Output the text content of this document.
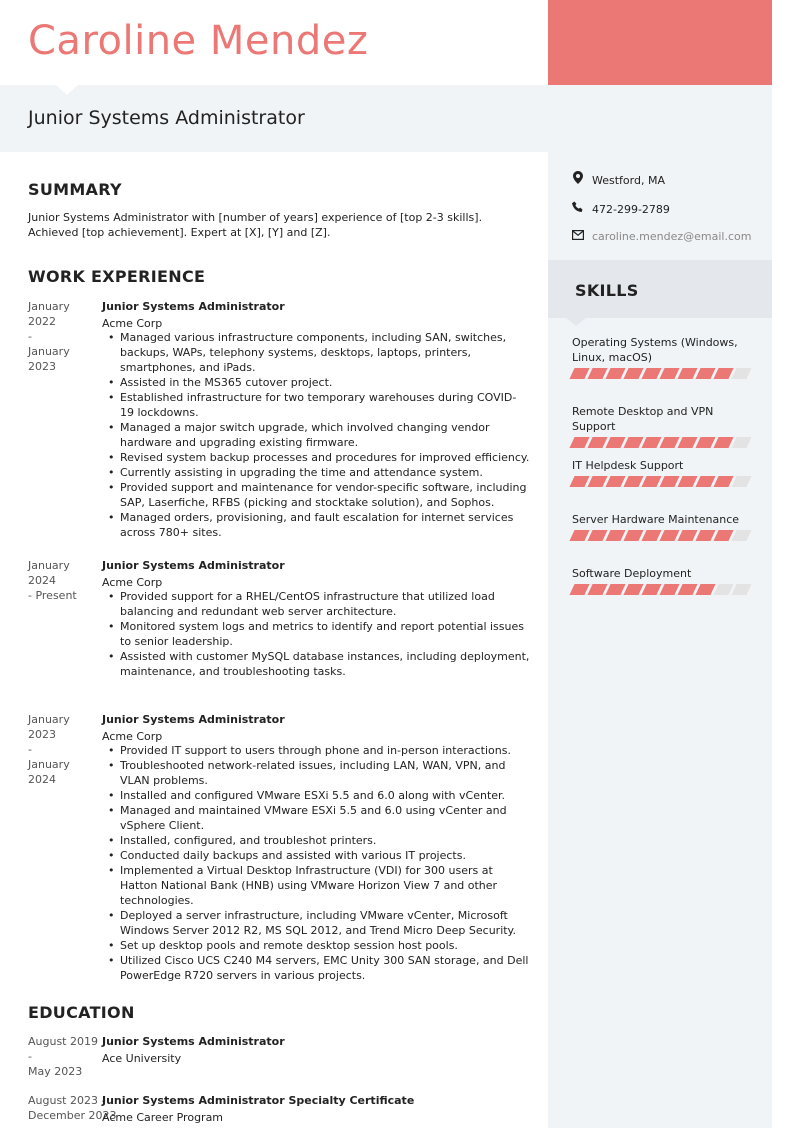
Caroline Mendez
Junior Systems Administrator
SUMMARY
Junior Systems Administrator with [number of years] experience of [top 2-3 skills]. Achieved [top achievement]. Expert at [X], [Y] and [Z].
WORK EXPERIENCE
January 2022
-
January 2023
Junior Systems Administrator
Acme Corp
• Managed various infrastructure components, including SAN, switches, backups, WAPs, telephony systems, desktops, laptops, printers, smartphones, and iPads.
• Assisted in the MS365 cutover project.
• Established infrastructure for two temporary warehouses during COVID-19 lockdowns.
• Managed a major switch upgrade, which involved changing vendor hardware and upgrading existing firmware.
• Revised system backup processes and procedures for improved efficiency.
• Currently assisting in upgrading the time and attendance system.
• Provided support and maintenance for vendor-specific software, including SAP, Laserfiche, RFBS (picking and stocktake solution), and Sophos.
• Managed orders, provisioning, and fault escalation for internet services across 780+ sites.
January 2024
- Present
Junior Systems Administrator
Acme Corp
• Provided support for a RHEL/CentOS infrastructure that utilized load balancing and redundant web server architecture.
• Monitored system logs and metrics to identify and report potential issues to senior leadership.
• Assisted with customer MySQL database instances, including deployment, maintenance, and troubleshooting tasks.
January 2023
-
January 2024
Junior Systems Administrator
Acme Corp
• Provided IT support to users through phone and in-person interactions.
• Troubleshooted network-related issues, including LAN, WAN, VPN, and VLAN problems.
• Installed and configured VMware ESXi 5.5 and 6.0 along with vCenter.
• Managed and maintained VMware ESXi 5.5 and 6.0 using vCenter and vSphere Client.
• Installed, configured, and troubleshot printers.
• Conducted daily backups and assisted with various IT projects.
• Implemented a Virtual Desktop Infrastructure (VDI) for 300 users at Hatton National Bank (HNB) using VMware Horizon View 7 and other technologies.
• Deployed a server infrastructure, including VMware vCenter, Microsoft Windows Server 2012 R2, MS SQL 2012, and Trend Micro Deep Security.
• Set up desktop pools and remote desktop session host pools.
• Utilized Cisco UCS C240 M4 servers, EMC Unity 300 SAN storage, and Dell PowerEdge R720 servers in various projects.
EDUCATION
August 2019 -
May 2023
Junior Systems Administrator
Ace University
August 2023 -
December 2023
Junior Systems Administrator Specialty Certificate
Acme Career Program
Westford, MA
472-299-2789
caroline.mendez@email.com
SKILLS
Operating Systems (Windows, Linux, macOS)
Remote Desktop and VPN Support
IT Helpdesk Support
Server Hardware Maintenance
Software Deployment
